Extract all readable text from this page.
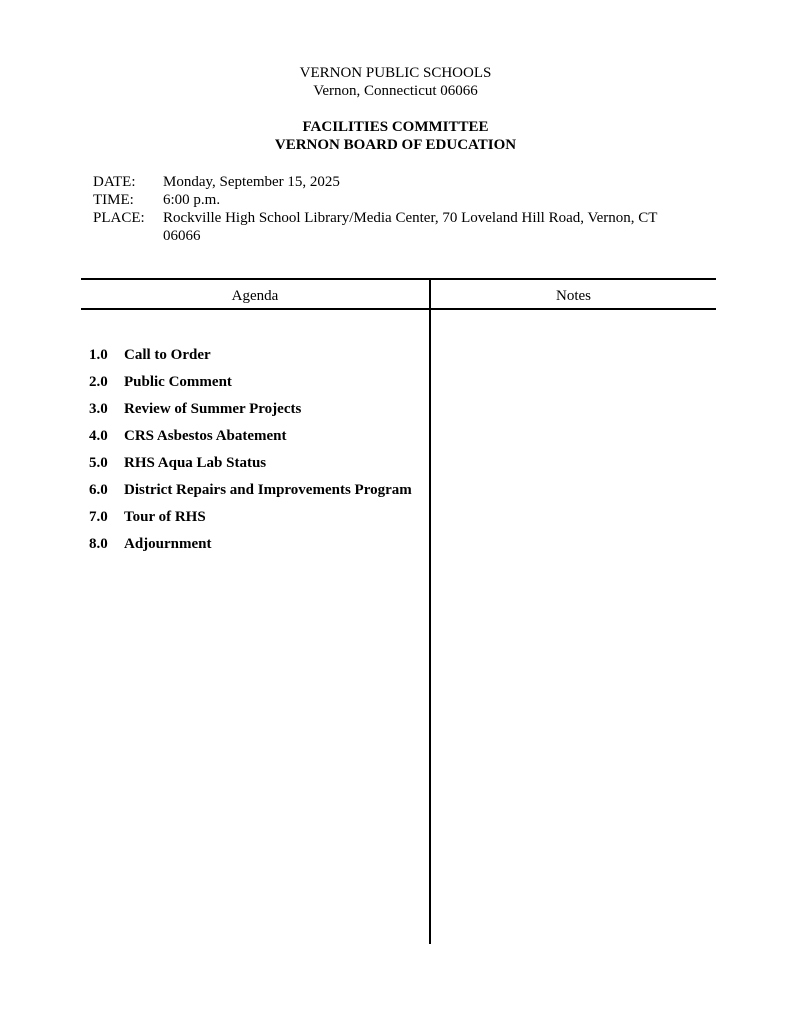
VERNON PUBLIC SCHOOLS
Vernon, Connecticut 06066
FACILITIES COMMITTEE
VERNON BOARD OF EDUCATION
DATE: Monday, September 15, 2025
TIME: 6:00 p.m.
PLACE: Rockville High School Library/Media Center, 70 Loveland Hill Road, Vernon, CT 06066
Agenda	Notes
1.0 Call to Order
2.0 Public Comment
3.0 Review of Summer Projects
4.0 CRS Asbestos Abatement
5.0 RHS Aqua Lab Status
6.0 District Repairs and Improvements Program
7.0 Tour of RHS
8.0 Adjournment
